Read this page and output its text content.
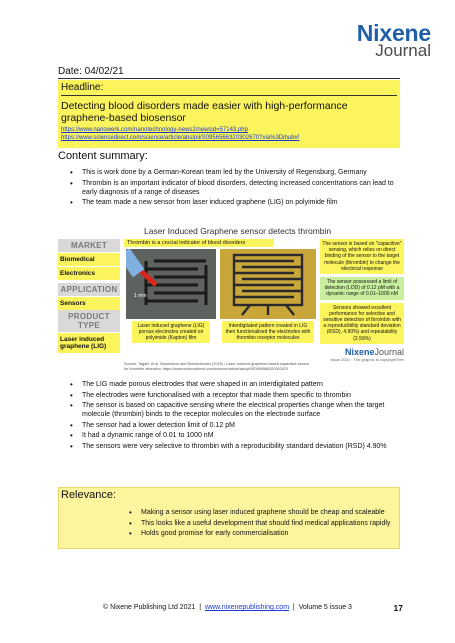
Nixene
Journal
Date: 04/02/21
Headline:
Detecting blood disorders made easier with high-performance graphene-based biosensor
https://www.nanowerk.com/nanotechnology-news2/newsid=57143.php
https://www.sciencedirect.com/science/article/abs/pii/S0956566320302670?via%3Dihub#!
Content summary:
• This is work done by a German-Korean team led by the University of Regensburg, Germany
• Thrombin is an important indicator of blood disorders, detecting increased concentrations can lead to early diagnosis of a range of diseases
• The team made a new sensor from laser induced graphene (LIG) on polyimide film
Laser Induced Graphene sensor detects thrombin
MARKET
Biomedical
Electronics
APPLICATION
Sensors
PRODUCT TYPE
Laser induced graphene (LIG)
Thrombin is a crucial indicator of blood disorders
1 mm
Laser induced graphene (LIG) porous electrodes created on polyimide (Kapton) film
Interdigitated pattern created in LIG then functionalised the electrodes with thrombin receptor molecules
The sensor is based on "capacitive" sensing, which relies on direct binding of the sensor to the target molecule (thrombin) to change the electrical response
The sensor possessed a limit of detection (LOD) of 0.12 pM with a dynamic range of 0.01–1000 nM
Sensors showed excellent performance for selective and sensitive detection of thrombin with a reproducibility standard deviation (RSD), 4.90%) and repeatability (2.59%)
NixeneJournal
Issue 2021 · The graphic is copyright free
Source: Tagalli, et al. Biosensors and Bioelectronics (2020) / Laser induced graphene-based capacitive sensor for thrombin detection. https://www.sciencedirect.com/science/article/abs/pii/S0956566320302670
• The LIG made porous electrodes that were shaped in an interdigitated pattern
• The electrodes were functionalised with a receptor that made them specific to thrombin
• The sensor is based on capacitive sensing where the electrical properties change when the target molecule (thrombin) binds to the receptor molecules on the electrode surface
• The sensor had a lower detection limit of 0.12 pM
• It had a dynamic range of 0.01 to 1000 nM
• The sensors were very selective to thrombin with a reproducibility standard deviation (RSD) 4.90%
Relevance:
• Making a sensor using laser induced graphene should be cheap and scaleable
• This looks like a useful development that should find medical applications rapidly
• Holds good promise for early commercialisation
© Nixene Publishing Ltd 2021 | www.nixenepublishing.com | Volume 5 issue 3	17
